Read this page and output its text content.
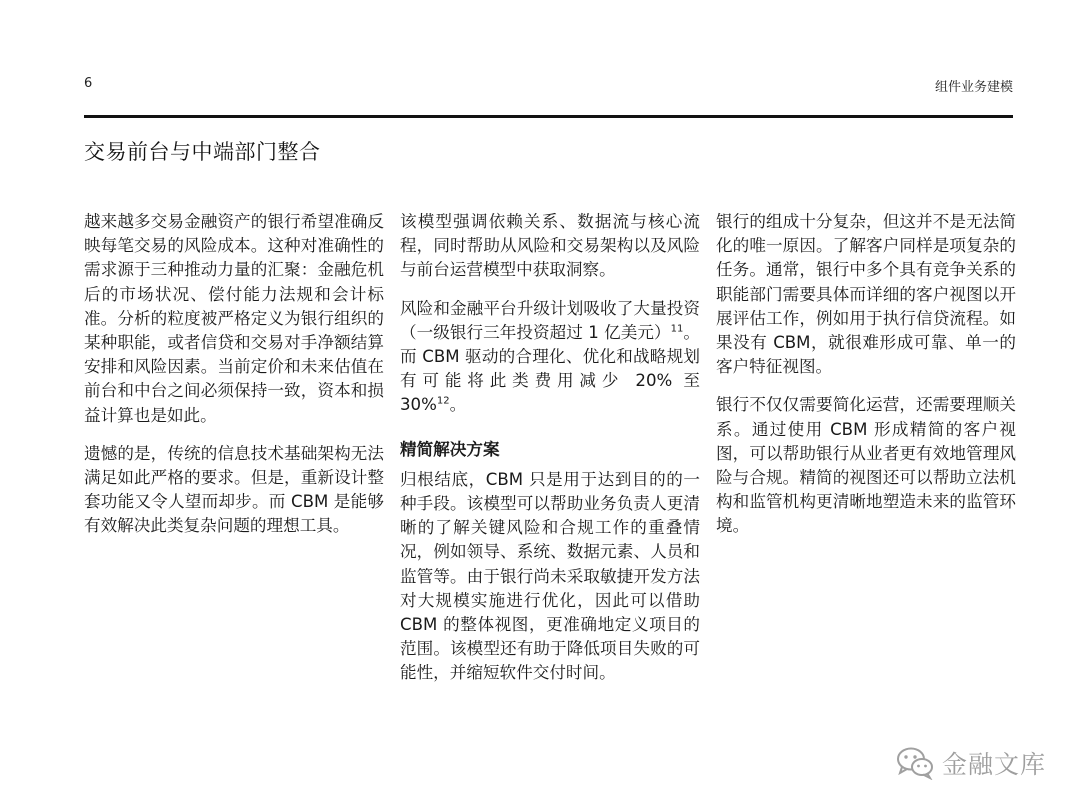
6	组件业务建模
交易前台与中端部门整合

越来越多交易金融资产的银行希望准确反映每笔交易的风险成本。这种对准确性的需求源于三种推动力量的汇聚：金融危机后的市场状况、偿付能力法规和会计标准。分析的粒度被严格定义为银行组织的某种职能，或者信贷和交易对手净额结算安排和风险因素。当前定价和未来估值在前台和中台之间必须保持一致，资本和损益计算也是如此。

遗憾的是，传统的信息技术基础架构无法满足如此严格的要求。但是，重新设计整套功能又令人望而却步。而 CBM 是能够有效解决此类复杂问题的理想工具。

该模型强调依赖关系、数据流与核心流程，同时帮助从风险和交易架构以及风险与前台运营模型中获取洞察。

风险和金融平台升级计划吸收了大量投资（一级银行三年投资超过 1 亿美元）$^{11}$。而 CBM 驱动的合理化、优化和战略规划有可能将此类费用减少 20% 至 30%$^{12}$。

精简解决方案

归根结底，CBM 只是用于达到目的的一种手段。该模型可以帮助业务负责人更清晰的了解关键风险和合规工作的重叠情况，例如领导、系统、数据元素、人员和监管等。由于银行尚未采取敏捷开发方法对大规模实施进行优化，因此可以借助 CBM 的整体视图，更准确地定义项目的范围。该模型还有助于降低项目失败的可能性，并缩短软件交付时间。

银行的组成十分复杂，但这并不是无法简化的唯一原因。了解客户同样是项复杂的任务。通常，银行中多个具有竞争关系的职能部门需要具体而详细的客户视图以开展评估工作，例如用于执行信贷流程。如果没有 CBM，就很难形成可靠、单一的客户特征视图。

银行不仅仅需要简化运营，还需要理顺关系。通过使用 CBM 形成精简的客户视图，可以帮助银行从业者更有效地管理风险与合规。精简的视图还可以帮助立法机构和监管机构更清晰地塑造未来的监管环境。

金融文库
